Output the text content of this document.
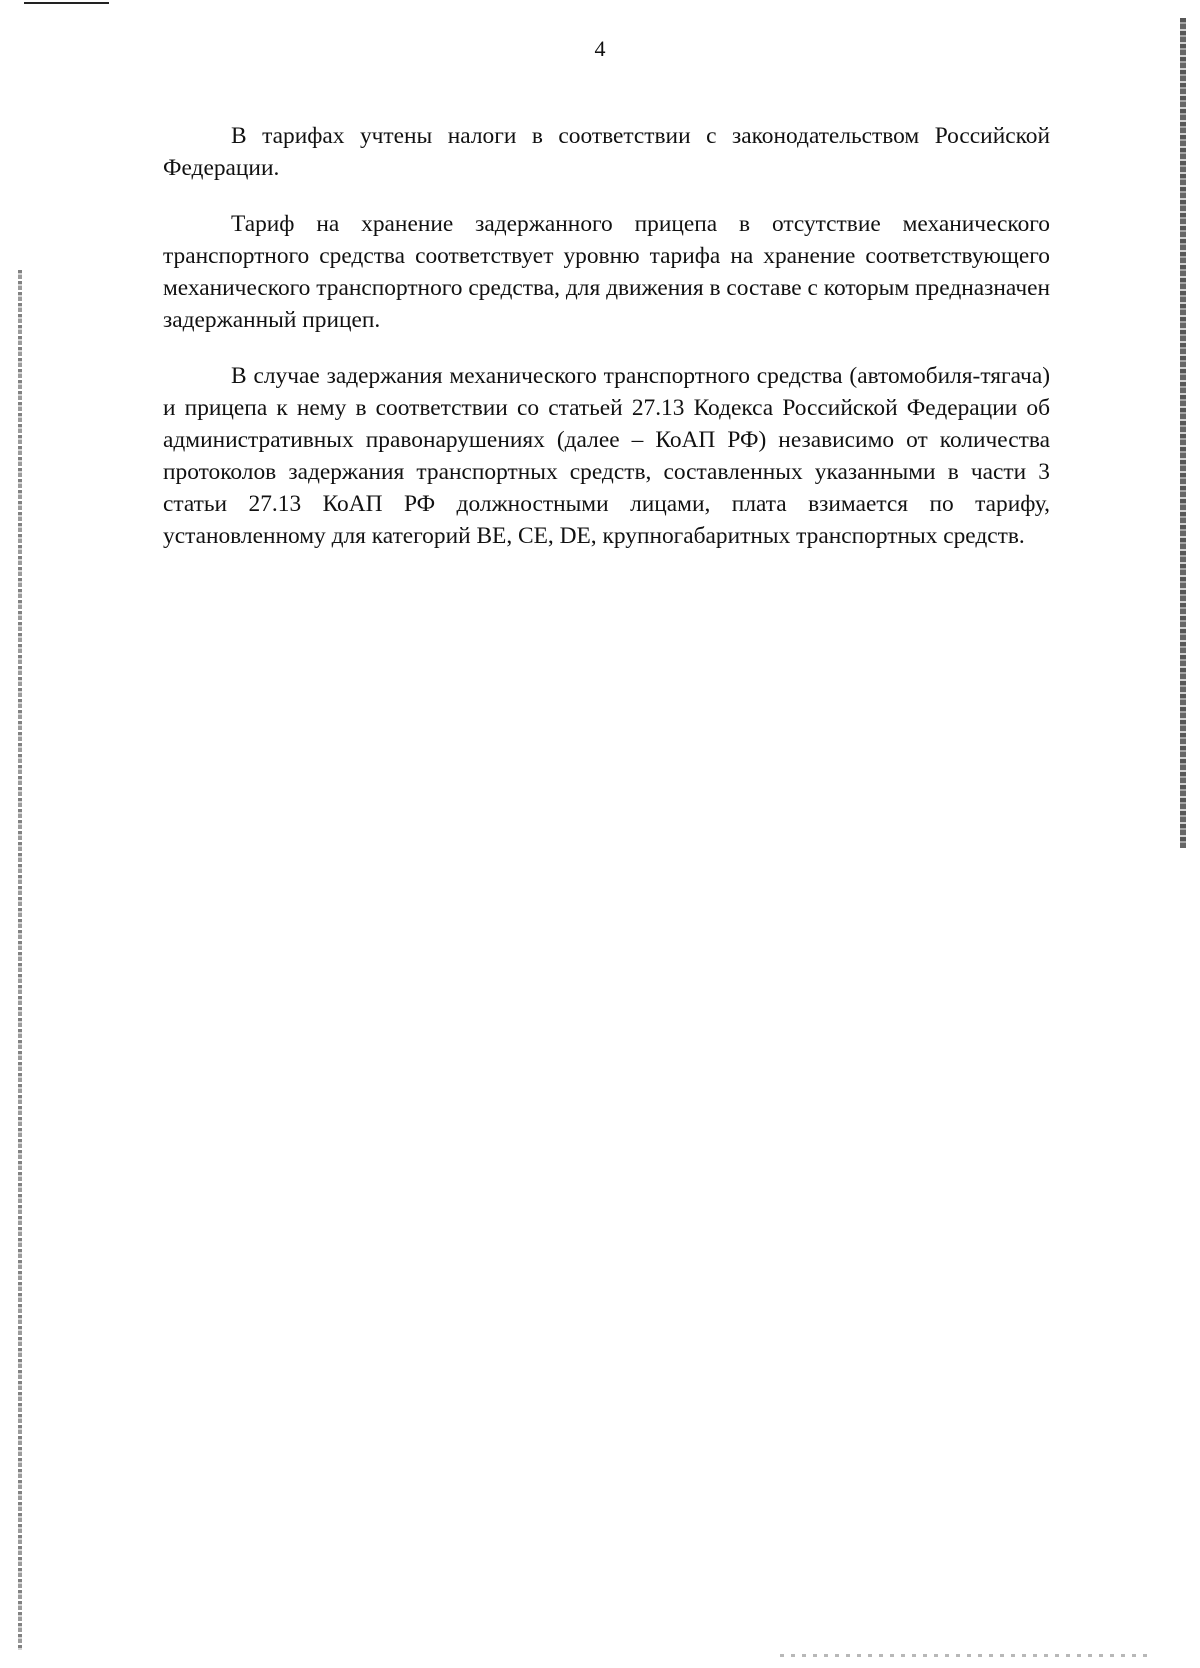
4

В тарифах учтены налоги в соответствии с законодательством Российской Федерации.

Тариф на хранение задержанного прицепа в отсутствие механического транспортного средства соответствует уровню тарифа на хранение соответствующего механического транспортного средства, для движения в составе с которым предназначен задержанный прицеп.

В случае задержания механического транспортного средства (автомобиля-тягача) и прицепа к нему в соответствии со статьей 27.13 Кодекса Российской Федерации об административных правонарушениях (далее – КоАП РФ) независимо от количества протоколов задержания транспортных средств, составленных указанными в части 3 статьи 27.13 КоАП РФ должностными лицами, плата взимается по тарифу, установленному для категорий ВЕ, СЕ, DE, крупногабаритных транспортных средств.
